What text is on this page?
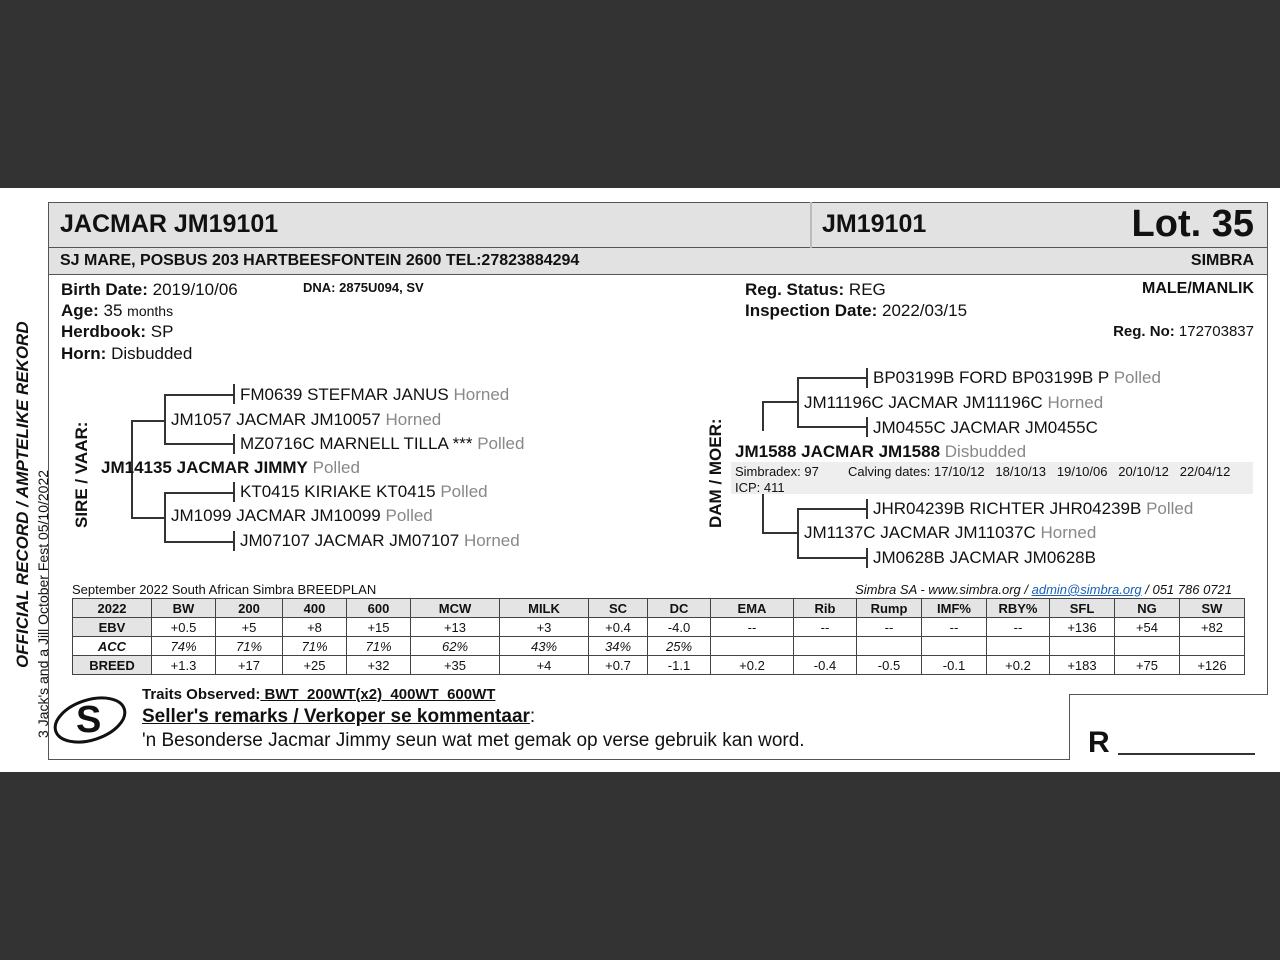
JACMAR JM19101	JM19101	Lot. 35
SJ MARE, POSBUS 203 HARTBEESFONTEIN 2600 TEL:27823884294	SIMBRA
Birth Date: 2019/10/06	DNA: 2875U094, SV
Age: 35 months
Herdbook: SP
Horn: Disbudded
Reg. Status: REG
Inspection Date: 2022/03/15
MALE/MANLIK
Reg. No: 172703837
OFFICIAL RECORD / AMPTELIKE REKORD 3 Jack's and a Jill October Fest 05/10/2022 SIRE / VAAR:
FM0639 STEFMAR JANUS Horned
JM1057 JACMAR JM10057 Horned
MZ0716C MARNELL TILLA *** Polled
JM14135 JACMAR JIMMY Polled
KT0415 KIRIAKE KT0415 Polled
JM1099 JACMAR JM10099 Polled
JM07107 JACMAR JM07107 Horned
DAM / MOER:
BP03199B FORD BP03199B P Polled
JM11196C JACMAR JM11196C Horned
JM0455C JACMAR JM0455C
JM1588 JACMAR JM1588 Disbudded
Simbradex: 97 Calving dates: 17/10/12   18/10/13   19/10/06   20/10/12   22/04/12
ICP: 411
JHR04239B RICHTER JHR04239B Polled
JM1137C JACMAR JM11037C Horned
JM0628B JACMAR JM0628B
September 2022 South African Simbra BREEDPLAN	Simbra SA - www.simbra.org / admin@simbra.org / 051 786 0721
2022	BW	200	400	600	MCW	MILK	SC	DC	EMA	Rib	Rump	IMF%	RBY%	SFL	NG	SW
EBV	+0.5	+5	+8	+15	+13	+3	+0.4	-4.0	--	--	--	--	--	+136	+54	+82
ACC	74%	71%	71%	71%	62%	43%	34%	25%								
BREED	+1.3	+17	+25	+32	+35	+4	+0.7	-1.1	+0.2	-0.4	-0.5	-0.1	+0.2	+183	+75	+126
S
Traits Observed: BWT  200WT(x2)  400WT  600WT
Seller's remarks / Verkoper se kommentaar:
'n Besonderse Jacmar Jimmy seun wat met gemak op verse gebruik kan word.	R
